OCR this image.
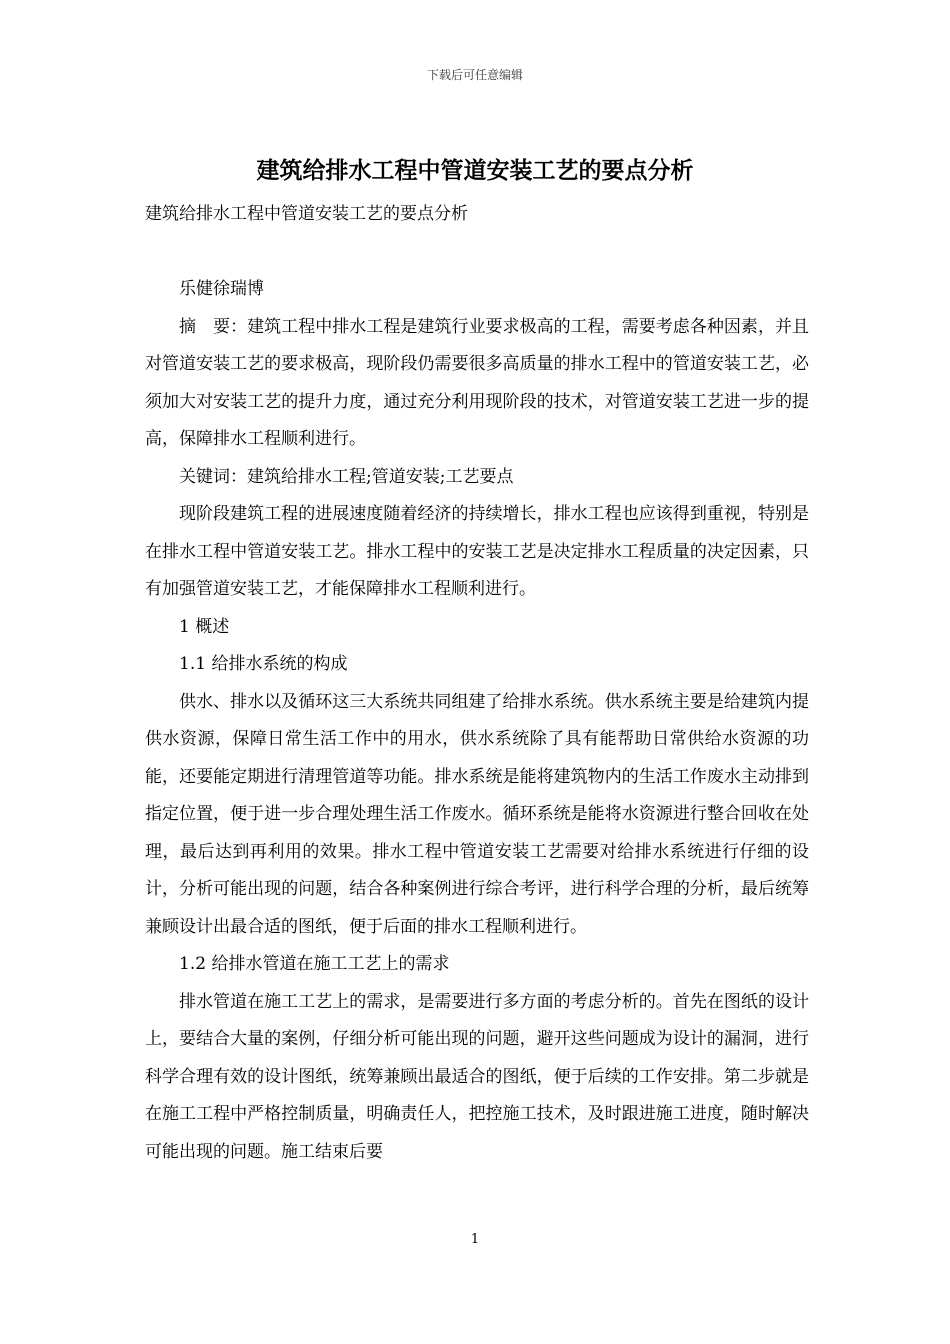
下载后可任意编辑
建筑给排水工程中管道安装工艺的要点分析

建筑给排水工程中管道安装工艺的要点分析

乐健徐瑞博

摘　要：建筑工程中排水工程是建筑行业要求极高的工程，需要考虑各种因素，并且对管道安装工艺的要求极高，现阶段仍需要很多高质量的排水工程中的管道安装工艺，必须加大对安装工艺的提升力度，通过充分利用现阶段的技术，对管道安装工艺进一步的提高，保障排水工程顺利进行。

关键词：建筑给排水工程;管道安装;工艺要点

现阶段建筑工程的进展速度随着经济的持续增长，排水工程也应该得到重视，特别是在排水工程中管道安装工艺。排水工程中的安装工艺是决定排水工程质量的决定因素，只有加强管道安装工艺，才能保障排水工程顺利进行。

1 概述

1.1 给排水系统的构成

供水、排水以及循环这三大系统共同组建了给排水系统。供水系统主要是给建筑内提供水资源，保障日常生活工作中的用水，供水系统除了具有能帮助日常供给水资源的功能，还要能定期进行清理管道等功能。排水系统是能将建筑物内的生活工作废水主动排到指定位置，便于进一步合理处理生活工作废水。循环系统是能将水资源进行整合回收在处理，最后达到再利用的效果。排水工程中管道安装工艺需要对给排水系统进行仔细的设计，分析可能出现的问题，结合各种案例进行综合考评，进行科学合理的分析，最后统筹兼顾设计出最合适的图纸，便于后面的排水工程顺利进行。

1.2 给排水管道在施工工艺上的需求

排水管道在施工工艺上的需求，是需要进行多方面的考虑分析的。首先在图纸的设计上，要结合大量的案例，仔细分析可能出现的问题，避开这些问题成为设计的漏洞，进行科学合理有效的设计图纸，统筹兼顾出最适合的图纸，便于后续的工作安排。第二步就是在施工工程中严格控制质量，明确责任人，把控施工技术，及时跟进施工进度，随时解决可能出现的问题。施工结束后要

1
